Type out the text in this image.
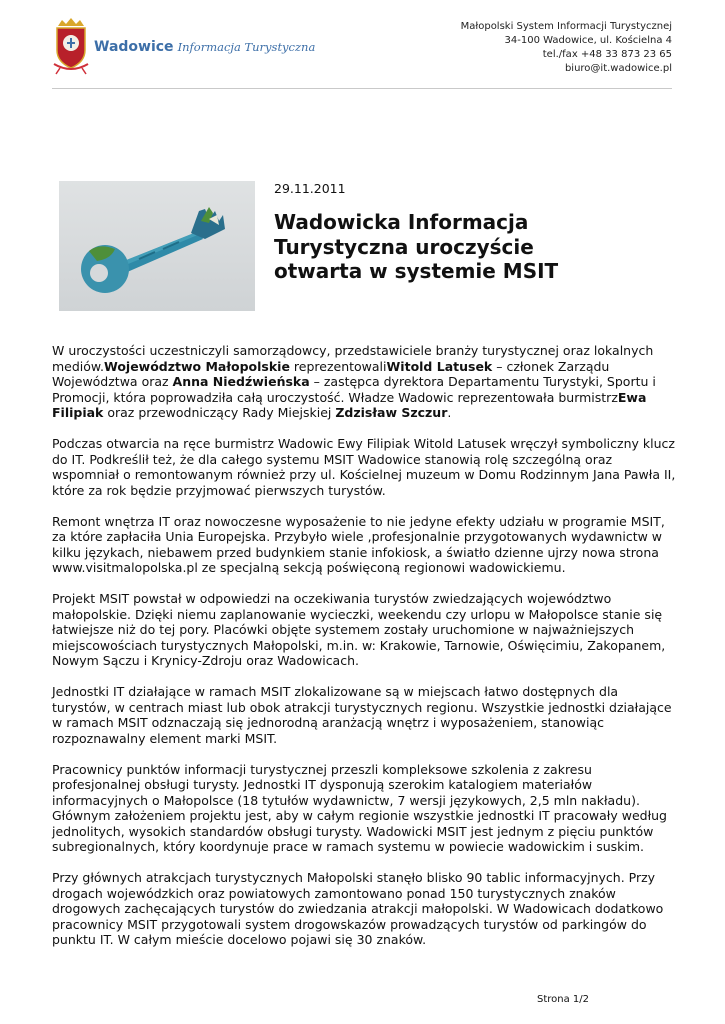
Wadowice Informacja Turystyczna
Małopolski System Informacji Turystycznej
34-100 Wadowice, ul. Kościelna 4
tel./fax +48 33 873 23 65
biuro@it.wadowice.pl
29.11.2011
Wadowicka Informacja Turystyczna uroczyście otwarta w systemie MSIT

W uroczystości uczestniczyli samorządowcy, przedstawiciele branży turystycznej oraz lokalnych mediów.Województwo Małopolskie reprezentowaliWitold Latusek – członek Zarządu Województwa oraz Anna Niedźwieńska – zastępca dyrektora Departamentu Turystyki, Sportu i Promocji, która poprowadziła całą uroczystość. Władze Wadowic reprezentowała burmistrzEwa Filipiak oraz przewodniczący Rady Miejskiej Zdzisław Szczur.

Podczas otwarcia na ręce burmistrz Wadowic Ewy Filipiak Witold Latusek wręczył symboliczny klucz do IT. Podkreślił też, że dla całego systemu MSIT Wadowice stanowią rolę szczególną oraz wspomniał o remontowanym również przy ul. Kościelnej muzeum w Domu Rodzinnym Jana Pawła II, które za rok będzie przyjmować pierwszych turystów.

Remont wnętrza IT oraz nowoczesne wyposażenie to nie jedyne efekty udziału w programie MSIT, za które zapłaciła Unia Europejska. Przybyło wiele ,profesjonalnie przygotowanych wydawnictw w kilku językach, niebawem przed budynkiem stanie infokiosk, a światło dzienne ujrzy nowa strona www.visitmalopolska.pl ze specjalną sekcją poświęconą regionowi wadowickiemu.

Projekt MSIT powstał w odpowiedzi na oczekiwania turystów zwiedzających województwo małopolskie. Dzięki niemu zaplanowanie wycieczki, weekendu czy urlopu w Małopolsce stanie się łatwiejsze niż do tej pory. Placówki objęte systemem zostały uruchomione w najważniejszych miejscowościach turystycznych Małopolski, m.in. w: Krakowie, Tarnowie, Oświęcimiu, Zakopanem, Nowym Sączu i Krynicy-Zdroju oraz Wadowicach.

Jednostki IT działające w ramach MSIT zlokalizowane są w miejscach łatwo dostępnych dla turystów, w centrach miast lub obok atrakcji turystycznych regionu. Wszystkie jednostki działające w ramach MSIT odznaczają się jednorodną aranżacją wnętrz i wyposażeniem, stanowiąc rozpoznawalny element marki MSIT.

Pracownicy punktów informacji turystycznej przeszli kompleksowe szkolenia z zakresu profesjonalnej obsługi turysty. Jednostki IT dysponują szerokim katalogiem materiałów informacyjnych o Małopolsce (18 tytułów wydawnictw, 7 wersji językowych, 2,5 mln nakładu). Głównym założeniem projektu jest, aby w całym regionie wszystkie jednostki IT pracowały według jednolitych, wysokich standardów obsługi turysty. Wadowicki MSIT jest jednym z pięciu punktów subregionalnych, który koordynuje prace w ramach systemu w powiecie wadowickim i suskim.

Przy głównych atrakcjach turystycznych Małopolski stanęło blisko 90 tablic informacyjnych. Przy drogach wojewódzkich oraz powiatowych zamontowano ponad 150 turystycznych znaków drogowych zachęcających turystów do zwiedzania atrakcji małopolski. W Wadowicach dodatkowo pracownicy MSIT przygotowali system drogowskazów prowadzących turystów od parkingów do punktu IT. W całym mieście docelowo pojawi się 30 znaków.

Strona 1/2
